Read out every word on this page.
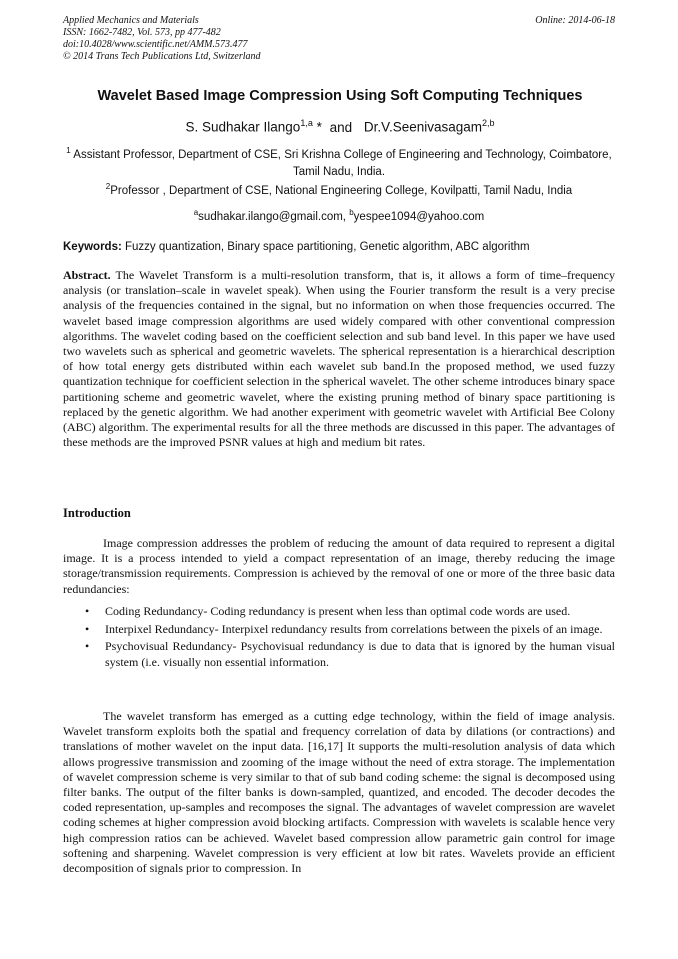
Applied Mechanics and Materials
ISSN: 1662-7482, Vol. 573, pp 477-482
doi:10.4028/www.scientific.net/AMM.573.477
© 2014 Trans Tech Publications Ltd, Switzerland
Online: 2014-06-18
Wavelet Based Image Compression Using Soft Computing Techniques
S. Sudhakar Ilango$^{1,a}$ * and Dr.V.Seenivasagam$^{2,b}$
$^1$ Assistant Professor, Department of CSE, Sri Krishna College of Engineering and Technology, Coimbatore, Tamil Nadu, India.
$^2$Professor , Department of CSE, National Engineering College, Kovilpatti, Tamil Nadu, India
$^a$sudhakar.ilango@gmail.com, $^b$yespee1094@yahoo.com
Keywords: Fuzzy quantization, Binary space partitioning, Genetic algorithm, ABC algorithm
Abstract. The Wavelet Transform is a multi-resolution transform, that is, it allows a form of time–frequency analysis (or translation–scale in wavelet speak). When using the Fourier transform the result is a very precise analysis of the frequencies contained in the signal, but no information on when those frequencies occurred. The wavelet based image compression algorithms are used widely compared with other conventional compression algorithms. The wavelet coding based on the coefficient selection and sub band level. In this paper we have used two wavelets such as spherical and geometric wavelets. The spherical representation is a hierarchical description of how total energy gets distributed within each wavelet sub band.In the proposed method, we used fuzzy quantization technique for coefficient selection in the spherical wavelet. The other scheme introduces binary space partitioning scheme and geometric wavelet, where the existing pruning method of binary space partitioning is replaced by the genetic algorithm. We had another experiment with geometric wavelet with Artificial Bee Colony (ABC) algorithm. The experimental results for all the three methods are discussed in this paper. The advantages of these methods are the improved PSNR values at high and medium bit rates.
Introduction
Image compression addresses the problem of reducing the amount of data required to represent a digital image. It is a process intended to yield a compact representation of an image, thereby reducing the image storage/transmission requirements. Compression is achieved by the removal of one or more of the three basic data redundancies:
• Coding Redundancy- Coding redundancy is present when less than optimal code words are used.
• Interpixel Redundancy- Interpixel redundancy results from correlations between the pixels of an image.
• Psychovisual Redundancy- Psychovisual redundancy is due to data that is ignored by the human visual system (i.e. visually non essential information.
The wavelet transform has emerged as a cutting edge technology, within the field of image analysis. Wavelet transform exploits both the spatial and frequency correlation of data by dilations (or contractions) and translations of mother wavelet on the input data. [16,17] It supports the multi-resolution analysis of data which allows progressive transmission and zooming of the image without the need of extra storage. The implementation of wavelet compression scheme is very similar to that of sub band coding scheme: the signal is decomposed using filter banks. The output of the filter banks is down-sampled, quantized, and encoded. The decoder decodes the coded representation, up-samples and recomposes the signal. The advantages of wavelet compression are wavelet coding schemes at higher compression avoid blocking artifacts. Compression with wavelets is scalable hence very high compression ratios can be achieved. Wavelet based compression allow parametric gain control for image softening and sharpening. Wavelet compression is very efficient at low bit rates. Wavelets provide an efficient decomposition of signals prior to compression. In
